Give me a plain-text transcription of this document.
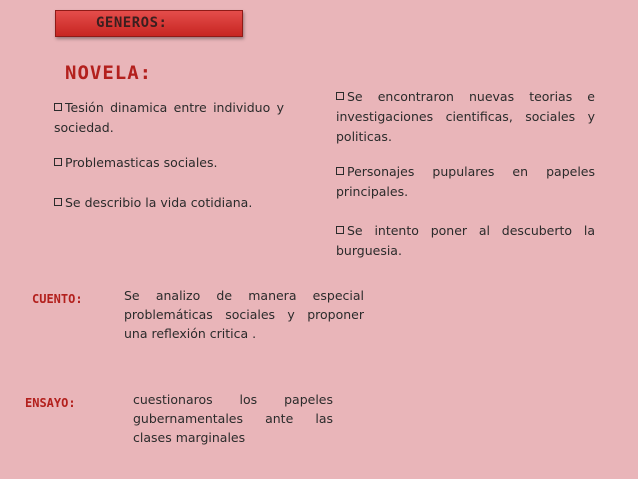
GENEROS:
NOVELA:
Tesión dinamica entre individuo y sociedad.
Problemasticas sociales.
Se describio la vida cotidiana.
Se encontraron nuevas teorias e investigaciones cientificas, sociales y politicas.
Personajes pupulares en papeles principales.
Se intento poner al descuberto la burguesia.
CUENTO:	Se analizo de manera especial problemáticas sociales y proponer una reflexión critica .
ENSAYO:	cuestionaros los papeles gubernamentales ante las clases marginales
